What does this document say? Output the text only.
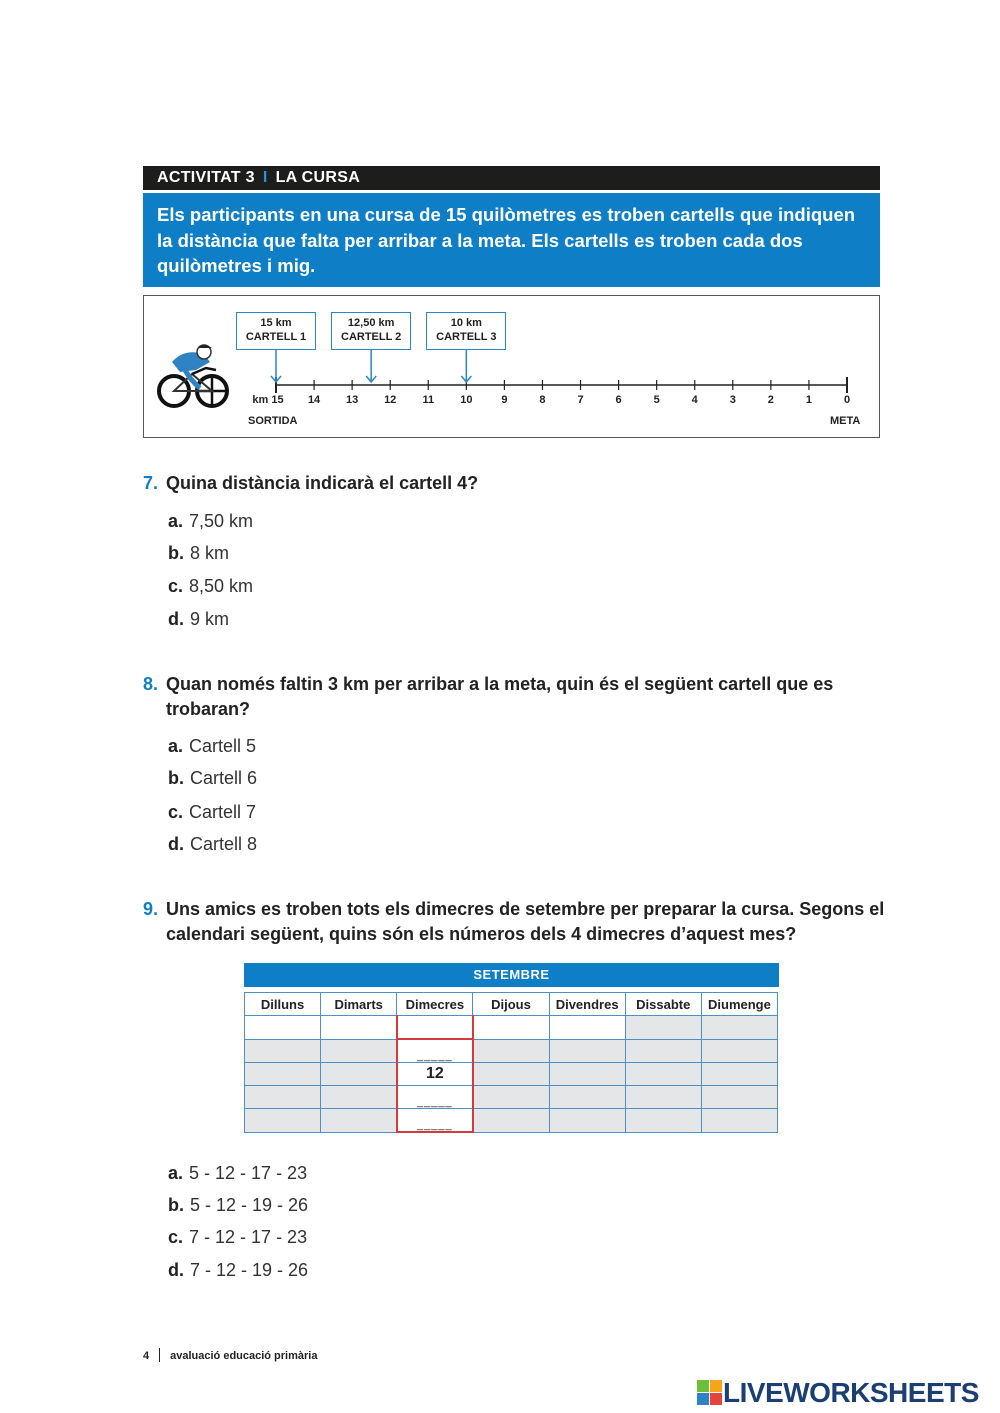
ACTIVITAT 3 I LA CURSA
Els participants en una cursa de 15 quilòmetres es troben cartells que indiquen la distància que falta per arribar a la meta. Els cartells es troben cada dos quilòmetres i mig.
15 km
CARTELL 1
12,50 km
CARTELL 2
10 km
CARTELL 3
km 15	14	13	12	11	10	9	8	7	6	5	4	3	2	1	0
SORTIDA	META
7. Quina distància indicarà el cartell 4?
a. 7,50 km
b. 8 km
c. 8,50 km
d. 9 km
8. Quan només faltin 3 km per arribar a la meta, quin és el següent cartell que es trobaran?
a. Cartell 5
b. Cartell 6
c. Cartell 7
d. Cartell 8
9. Uns amics es troben tots els dimecres de setembre per preparar la cursa. Segons el calendari següent, quins són els números dels 4 dimecres d’aquest mes?
SETEMBRE
Dilluns	Dimarts	Dimecres	Dijous	Divendres	Dissabte	Diumenge

		$_{\_\_\_\_\_}$				
		12				
		$_{\_\_\_\_\_}$				
		$_{\_\_\_\_\_}$				
a. 5 - 12 - 17 - 23
b. 5 - 12 - 19 - 26
c. 7 - 12 - 17 - 23
d. 7 - 12 - 19 - 26
4 avaluació educació primària
LIVEWORKSHEETS
